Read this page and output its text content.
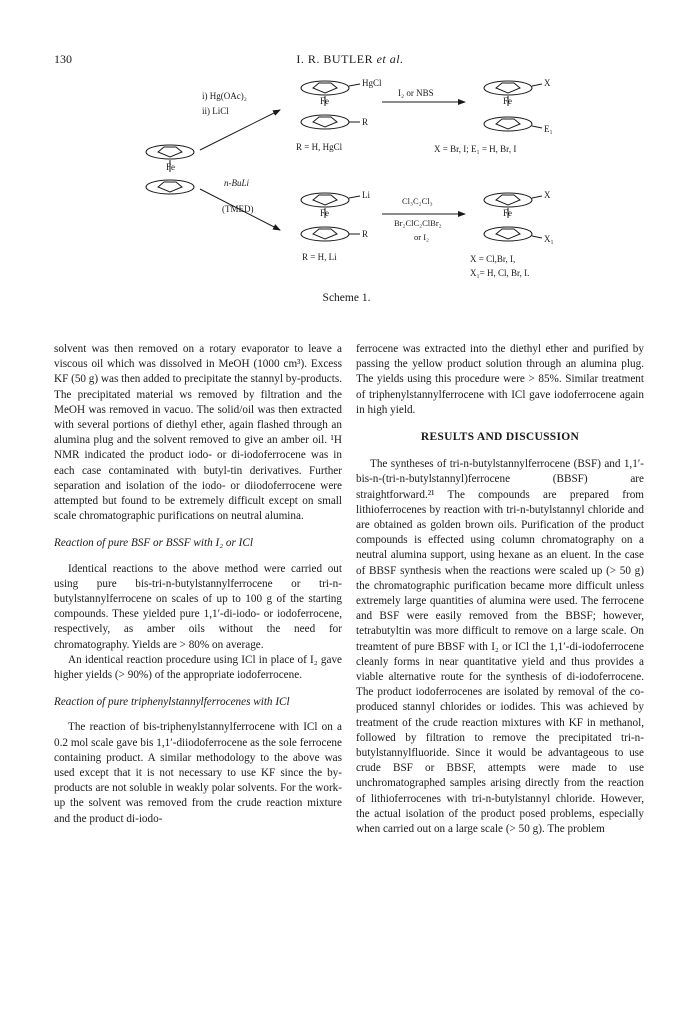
130	I. R. BUTLER et al.
Fe
i) Hg(OAc)₂
ii) LiCl
n-BuLi
(TMED)
HgCl
Fe
R
R = H, HgCl
I₂ or NBS
X
Fe
E₁
X = Br, I; E₁ = H, Br, I
Li
Fe
R
R = H, Li
Cl₃C₂Cl₃
Br₂ClC₂ClBr₂
or I₂
X
Fe
X₁
X = Cl,Br, I,
X₁= H, Cl, Br, I.
Scheme 1.

solvent was then removed on a rotary evaporator to leave a viscous oil which was dissolved in MeOH (1000 cm³). Excess KF (50 g) was then added to precipitate the stannyl by-products. The precipitated material ws removed by filtration and the MeOH was removed in vacuo. The solid/oil was then extracted with several portions of diethyl ether, again flashed through an alumina plug and the solvent removed to give an amber oil. ¹H NMR indicated the product iodo- or di-iodoferrocene was in each case contaminated with butyl-tin derivatives. Further separation and isolation of the iodo- or diiodoferrocene were attempted but found to be extremely difficult except on small scale chromatographic purifications on neutral alumina.

Reaction of pure BSF or BSSF with I₂ or ICl

Identical reactions to the above method were carried out using pure bis-tri-n-butylstannylferrocene or tri-n-butylstannylferrocene on scales of up to 100 g of the starting compounds. These yielded pure 1,1′-di-iodo- or iodoferrocene, respectively, as amber oils without the need for chromatography. Yields are > 80% on average.

An identical reaction procedure using ICl in place of I₂ gave higher yields (> 90%) of the appropriate iodoferrocene.

Reaction of pure triphenylstannylferrocenes with ICl

The reaction of bis-triphenylstannylferrocene with ICl on a 0.2 mol scale gave bis 1,1′-diiodoferrocene as the sole ferrocene containing product. A similar methodology to the above was used except that it is not necessary to use KF since the by-products are not soluble in weakly polar solvents. For the work-up the solvent was removed from the crude reaction mixture and the product di-iodo-

ferrocene was extracted into the diethyl ether and purified by passing the yellow product solution through an alumina plug. The yields using this procedure were > 85%. Similar treatment of triphenylstannylferrocene with ICl gave iodoferrocene again in high yield.

RESULTS AND DISCUSSION

The syntheses of tri-n-butylstannylferrocene (BSF) and 1,1′-bis-n-(tri-n-butylstannyl)ferrocene (BBSF) are straightforward.²¹ The compounds are prepared from lithioferrocenes by reaction with tri-n-butylstannyl chloride and are obtained as golden brown oils. Purification of the product compounds is effected using column chromatography on a neutral alumina support, using hexane as an eluent. In the case of BBSF synthesis when the reactions were scaled up (> 50 g) the chromatographic purification became more difficult unless extremely large quantities of alumina were used. The ferrocene and BSF were easily removed from the BBSF; however, tetrabutyltin was more difficult to remove on a large scale. On treamtent of pure BBSF with I₂ or ICl the 1,1′-di-iodoferrocene cleanly forms in near quantitative yield and thus provides a viable alternative route for the synthesis of di-iodoferrocene. The product iodoferrocenes are isolated by removal of the co-produced stannyl chlorides or iodides. This was achieved by treatment of the crude reaction mixtures with KF in methanol, followed by filtration to remove the precipitated tri-n-butylstannylfluoride. Since it would be advantageous to use crude BSF or BBSF, attempts were made to use unchromatographed samples arising directly from the reaction of lithioferrocenes with tri-n-butylstannyl chloride. However, the actual isolation of the product posed problems, especially when carried out on a large scale (> 50 g). The problem
